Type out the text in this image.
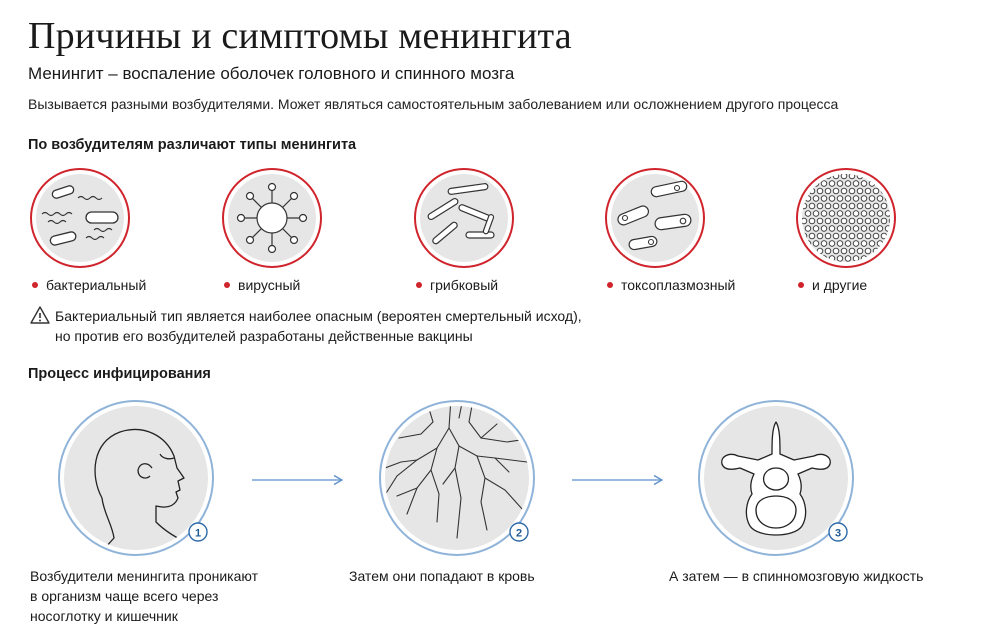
Причины и симптомы менингита
Менингит – воспаление оболочек головного и спинного мозга
Вызывается разными возбудителями. Может являться самостоятельным заболеванием или осложнением другого процесса
По возбудителям различают типы менингита
бактериальный	вирусный	грибковый	токсоплазмозный	и другие
Бактериальный тип является наиболее опасным (вероятен смертельный исход),
но против его возбудителей разработаны действенные вакцины
Процесс инфицирования
1	2	3
Возбудители менингита проникают
в организм чаще всего через
носоглотку и кишечник
Затем они попадают в кровь	А затем — в спинномозговую жидкость
